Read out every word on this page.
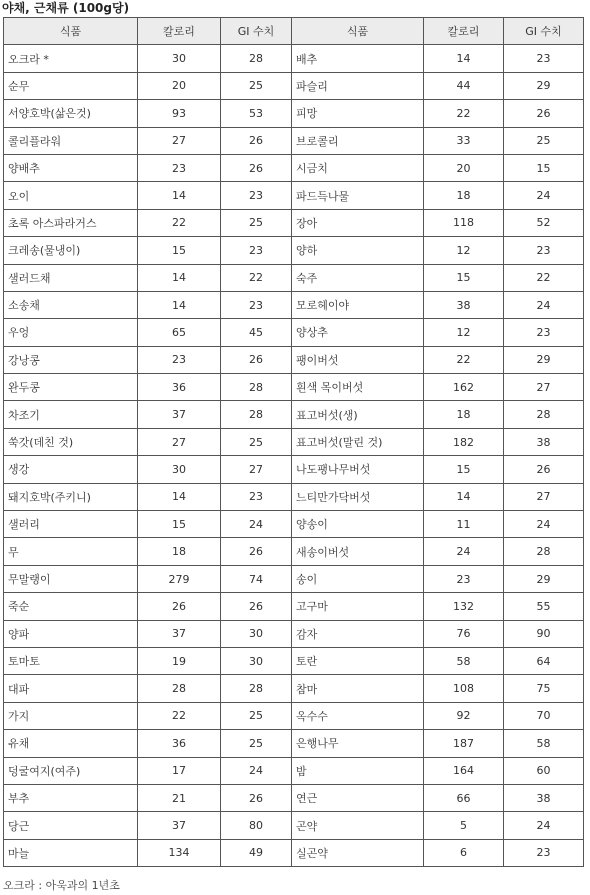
야채, 근채류 (100g당)
식품	칼로리	GI 수치	식품	칼로리	GI 수치
오크라 *	30	28	배추	14	23
순무	20	25	파슬리	44	29
서양호박(삶은것)	93	53	피망	22	26
콜리플라워	27	26	브로콜리	33	25
양배추	23	26	시금치	20	15
오이	14	23	파드득나물	18	24
초록 아스파라거스	22	25	장아	118	52
크레송(물냉이)	15	23	양하	12	23
샐러드채	14	22	숙주	15	22
소송채	14	23	모로헤이야	38	24
우엉	65	45	양상추	12	23
강낭콩	23	26	팽이버섯	22	29
완두콩	36	28	흰색 목이버섯	162	27
차조기	37	28	표고버섯(생)	18	28
쑥갓(데친 것)	27	25	표고버섯(말린 것)	182	38
생강	30	27	나도팽나무버섯	15	26
돼지호박(주키니)	14	23	느티만가닥버섯	14	27
샐러리	15	24	양송이	11	24
무	18	26	새송이버섯	24	28
무말랭이	279	74	송이	23	29
죽순	26	26	고구마	132	55
양파	37	30	감자	76	90
토마토	19	30	토란	58	64
대파	28	28	참마	108	75
가지	22	25	옥수수	92	70
유채	36	25	은행나무	187	58
덩굴여지(여주)	17	24	밤	164	60
부추	21	26	연근	66	38
당근	37	80	곤약	5	24
마늘	134	49	실곤약	6	23
오크라 : 아욱과의 1년초
